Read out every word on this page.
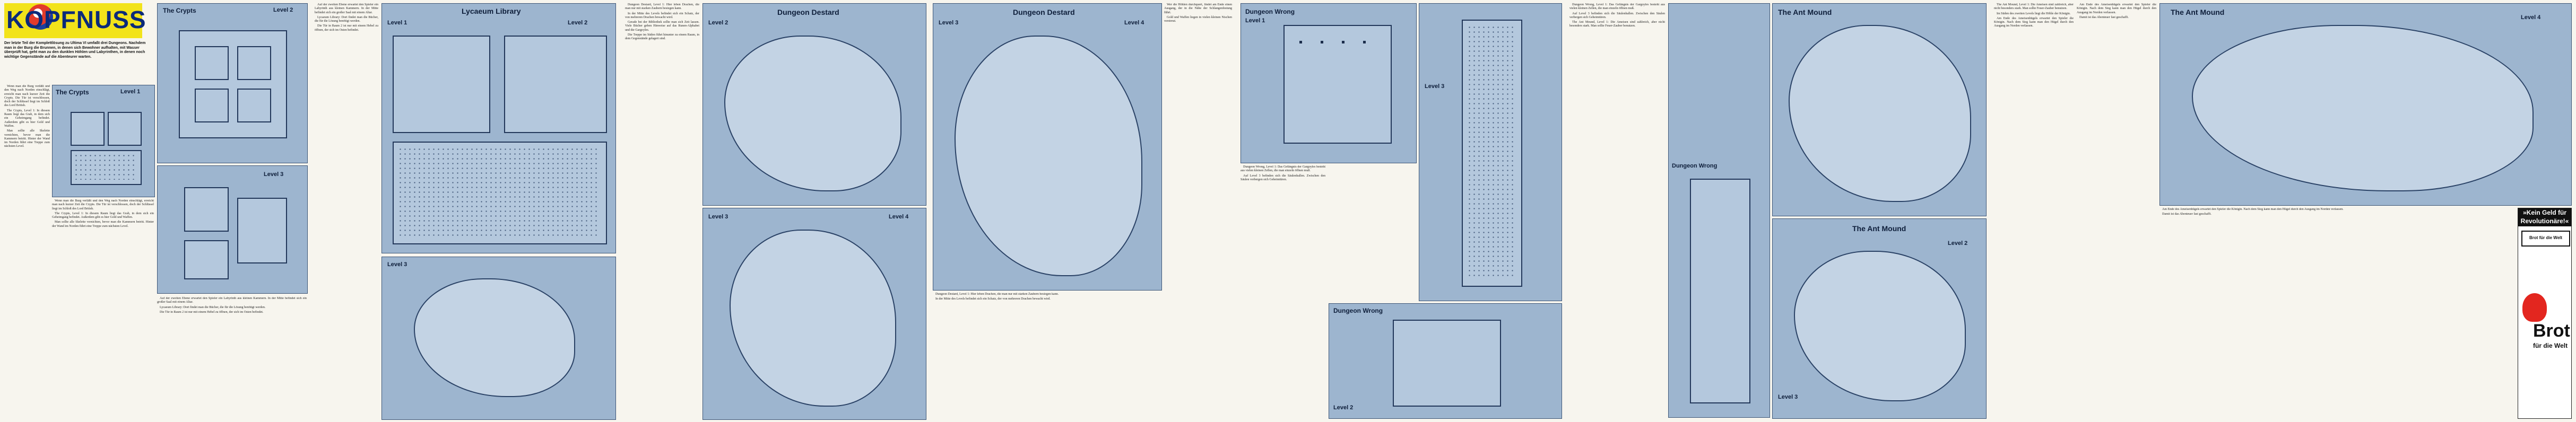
KOPFNUSS
Der letzte Teil der Komplettlösung zu Ultima VI umfaßt drei Dungeons. Nachdem man in der Burg die Brunnen, in denen sich Bewohner aufhalten, mit Wasser überprüft hat, geht man zu den dunklen Höhlen und Labyrinthen, in denen noch wichtige Gegenstände auf die Abenteurer warten.

Wenn man die Burg verläßt und den Weg nach Norden einschlägt, erreicht man nach kurzer Zeit die Crypts. Die Tür ist verschlossen, doch der Schlüssel liegt im Schloß des Lord British.

The Crypts, Level 1: In diesem Raum liegt das Grab, in dem sich ein Geheimgang befindet. Außerdem gibt es hier Gold und Waffen.

Man sollte alle Skelette vernichten, bevor man die Kammern betritt. Hinter der Wand im Norden führt eine Treppe zum nächsten Level.

The Crypts	Level 1

Wenn man die Burg verläßt und den Weg nach Norden einschlägt, erreicht man nach kurzer Zeit die Crypts. Die Tür ist verschlossen, doch der Schlüssel liegt im Schloß des Lord British.

The Crypts, Level 1: In diesem Raum liegt das Grab, in dem sich ein Geheimgang befindet. Außerdem gibt es hier Gold und Waffen.

Man sollte alle Skelette vernichten, bevor man die Kammern betritt. Hinter der Wand im Norden führt eine Treppe zum nächsten Level.

The Crypts	Level 2
Level 3

Auf der zweiten Ebene erwartet den Spieler ein Labyrinth aus kleinen Kammern. In der Mitte befindet sich ein großer Saal mit einem Altar.

Lycaeum Library: Dort findet man die Bücher, die für die Lösung benötigt werden.

Die Tür in Raum 2 ist nur mit einem Hebel zu öffnen, der sich im Osten befindet.

Auf der zweiten Ebene erwartet den Spieler ein Labyrinth aus kleinen Kammern. In der Mitte befindet sich ein großer Saal mit einem Altar.

Lycaeum Library: Dort findet man die Bücher, die für die Lösung benötigt werden.

Die Tür in Raum 2 ist nur mit einem Hebel zu öffnen, der sich im Osten befindet.

Lycaeum Library
Level 1	Level 2
Level 3

Dungeon Destard, Level 1: Hier leben Drachen, die man nur mit starken Zaubern besiegen kann.

In der Mitte des Levels befindet sich ein Schatz, der von mehreren Drachen bewacht wird.

Gerade bei der Bibliothek sollte man sich Zeit lassen. Viele Bücher geben Hinweise auf das Runen-Alphabet und die Gargoyles.

Die Treppe im Süden führt hinunter zu einem Raum, in dem Gegenstände gelagert sind.

Dungeon Destard
Level 2
Level 3	Level 4
Dungeon Destard
Level 3	Level 4

Wer die Höhlen durchquert, findet am Ende einen Ausgang, der in die Nähe der Schlangenfestung führt.

Gold und Waffen liegen in vielen kleinen Nischen verstreut.

Dungeon Destard, Level 1: Hier leben Drachen, die man nur mit starken Zaubern besiegen kann.

In der Mitte des Levels befindet sich ein Schatz, der von mehreren Drachen bewacht wird.

Dungeon Wrong
Level 1
Level 3

Dungeon Wrong, Level 1: Das Gefängnis der Gargoyles besteht aus vielen kleinen Zellen, die man einzeln öffnen muß.

Auf Level 3 befinden sich die Säulenhallen. Zwischen den Säulen verbergen sich Geheimtüren.

Dungeon Wrong
Level 2

Dungeon Wrong, Level 1: Das Gefängnis der Gargoyles besteht aus vielen kleinen Zellen, die man einzeln öffnen muß.

Auf Level 3 befinden sich die Säulenhallen. Zwischen den Säulen verbergen sich Geheimtüren.

The Ant Mound, Level 1: Die Ameisen sind zahlreich, aber nicht besonders stark. Man sollte Feuer-Zauber benutzen.

Dungeon Wrong
The Ant Mound
The Ant Mound
Level 2
Level 3

The Ant Mound, Level 1: Die Ameisen sind zahlreich, aber nicht besonders stark. Man sollte Feuer-Zauber benutzen.

Im Süden des zweiten Levels liegt die Höhle der Königin.

Am Ende des Ameisenhügels erwartet den Spieler die Königin. Nach dem Sieg kann man den Hügel durch den Ausgang im Norden verlassen.

Am Ende des Ameisenhügels erwartet den Spieler die Königin. Nach dem Sieg kann man den Hügel durch den Ausgang im Norden verlassen.

Damit ist das Abenteuer fast geschafft.

The Ant Mound
Level 4

Am Ende des Ameisenhügels erwartet den Spieler die Königin. Nach dem Sieg kann man den Hügel durch den Ausgang im Norden verlassen.

Damit ist das Abenteuer fast geschafft.	»Kein Geld für Revolutionäre!«
Brot für die Welt
Brot
für die Welt
